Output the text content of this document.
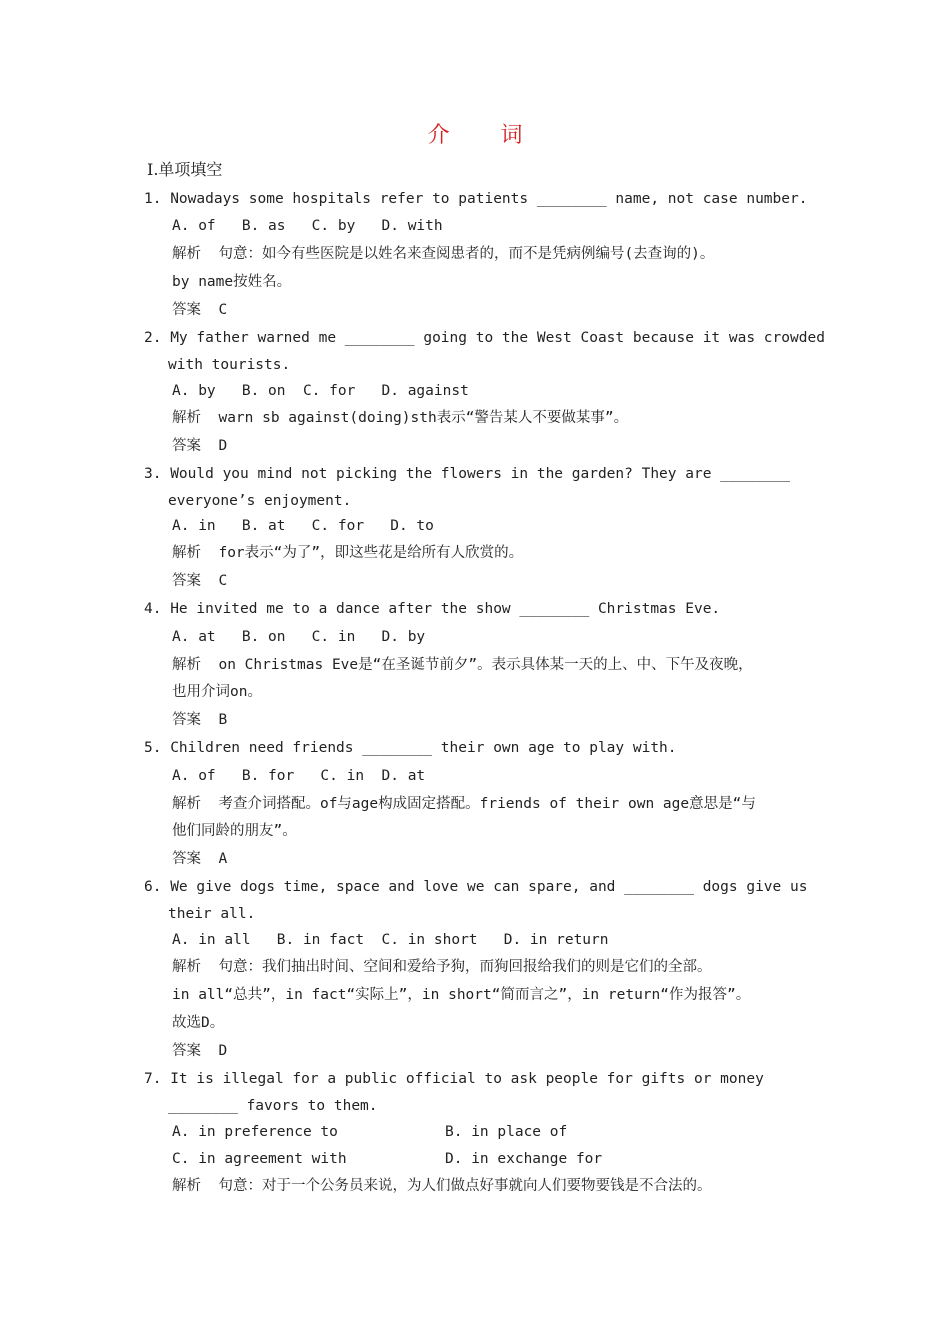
介 词
Ⅰ.单项填空
1. Nowadays some hospitals refer to patients ________ name, not case number.
A. of   B. as   C. by   D. with
解析  句意：如今有些医院是以姓名来查阅患者的，而不是凭病例编号(去查询的)。
by name按姓名。
答案  C
2. My father warned me ________ going to the West Coast because it was crowded
with tourists.
A. by   B. on  C. for   D. against
解析  warn sb against(doing)sth表示“警告某人不要做某事”。
答案  D
3. Would you mind not picking the flowers in the garden? They are ________
everyone’s enjoyment.
A. in   B. at   C. for   D. to
解析  for表示“为了”，即这些花是给所有人欣赏的。
答案  C
4. He invited me to a dance after the show ________ Christmas Eve.
A. at   B. on   C. in   D. by
解析  on Christmas Eve是“在圣诞节前夕”。表示具体某一天的上、中、下午及夜晚，
也用介词on。
答案  B
5. Children need friends ________ their own age to play with.
A. of   B. for   C. in  D. at
解析  考查介词搭配。of与age构成固定搭配。friends of their own age意思是“与
他们同龄的朋友”。
答案  A
6. We give dogs time, space and love we can spare, and ________ dogs give us
their all.
A. in all   B. in fact  C. in short   D. in return
解析  句意：我们抽出时间、空间和爱给予狗，而狗回报给我们的则是它们的全部。
in all“总共”，in fact“实际上”，in short“简而言之”，in return“作为报答”。
故选D。
答案  D
7. It is illegal for a public official to ask people for gifts or money
________ favors to them.
A. in preference to	B. in place of
C. in agreement with	D. in exchange for
解析  句意：对于一个公务员来说，为人们做点好事就向人们要物要钱是不合法的。
